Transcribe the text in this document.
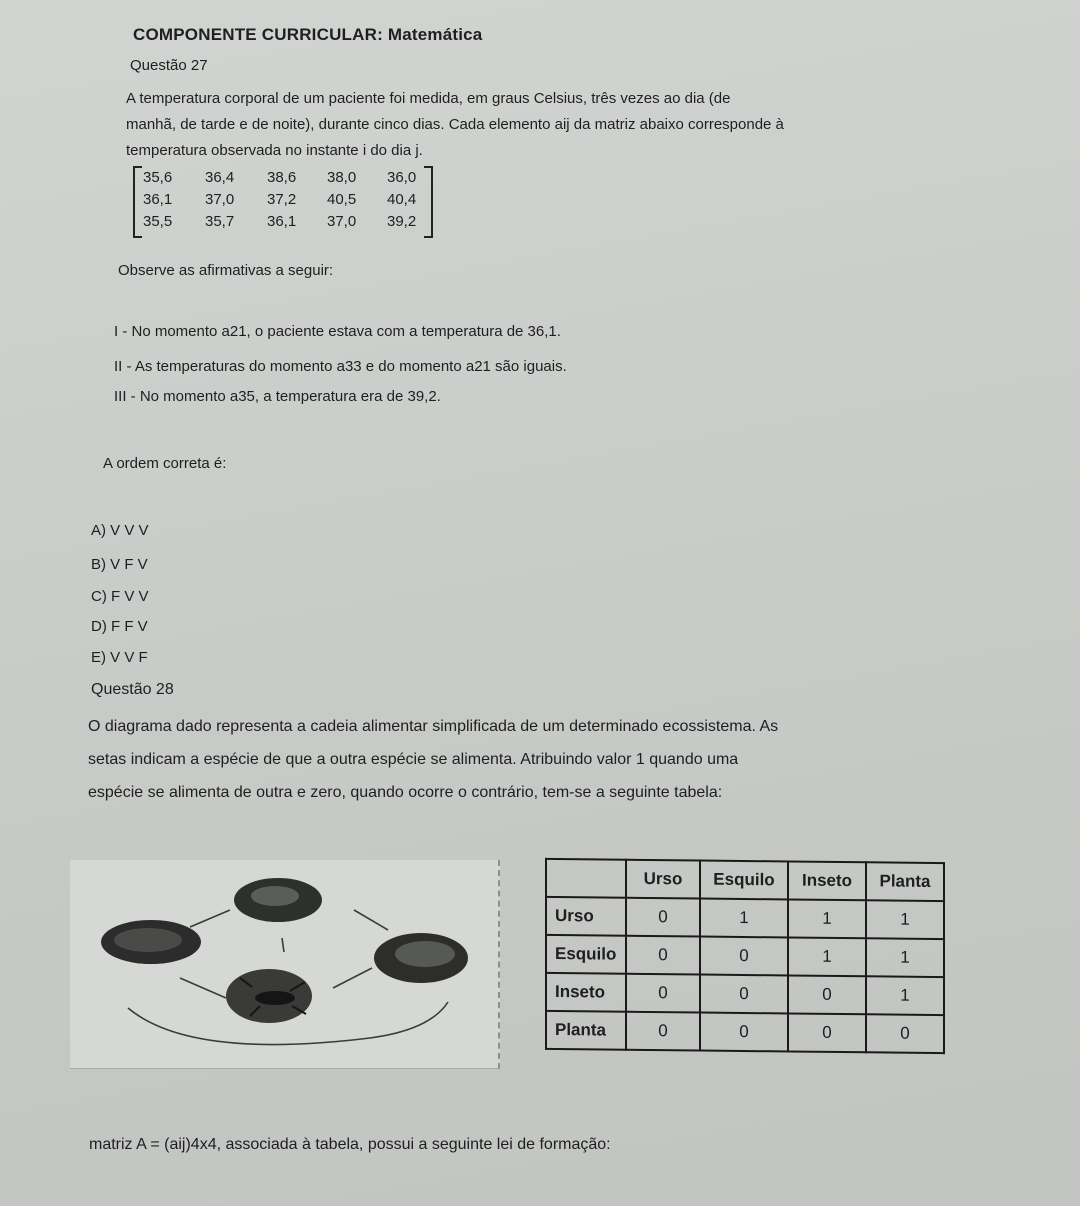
COMPONENTE CURRICULAR: Matemática
Questão 27
A temperatura corporal de um paciente foi medida, em graus Celsius, três vezes ao dia (de
manhã, de tarde e de noite), durante cinco dias. Cada elemento aij da matriz abaixo corresponde à
temperatura observada no instante i do dia j.
35,6	36,4	38,6	38,0	36,0
36,1	37,0	37,2	40,5	40,4
35,5	35,7	36,1	37,0	39,2
Observe as afirmativas a seguir:
I - No momento a21, o paciente estava com a temperatura de 36,1.
II - As temperaturas do momento a33 e do momento a21 são iguais.
III - No momento a35, a temperatura era de 39,2.
A ordem correta é:
A) V V V
B) V F V
C) F V V
D) F F V
E) V V F
Questão 28
O diagrama dado representa a cadeia alimentar simplificada de um determinado ecossistema. As
setas indicam a espécie de que a outra espécie se alimenta. Atribuindo valor 1 quando uma
espécie se alimenta de outra e zero, quando ocorre o contrário, tem-se a seguinte tabela:
	Urso	Esquilo	Inseto	Planta
Urso	0	1	1	1
Esquilo	0	0	1	1
Inseto	0	0	0	1
Planta	0	0	0	0
matriz A = (aij)4x4, associada à tabela, possui a seguinte lei de formação:
